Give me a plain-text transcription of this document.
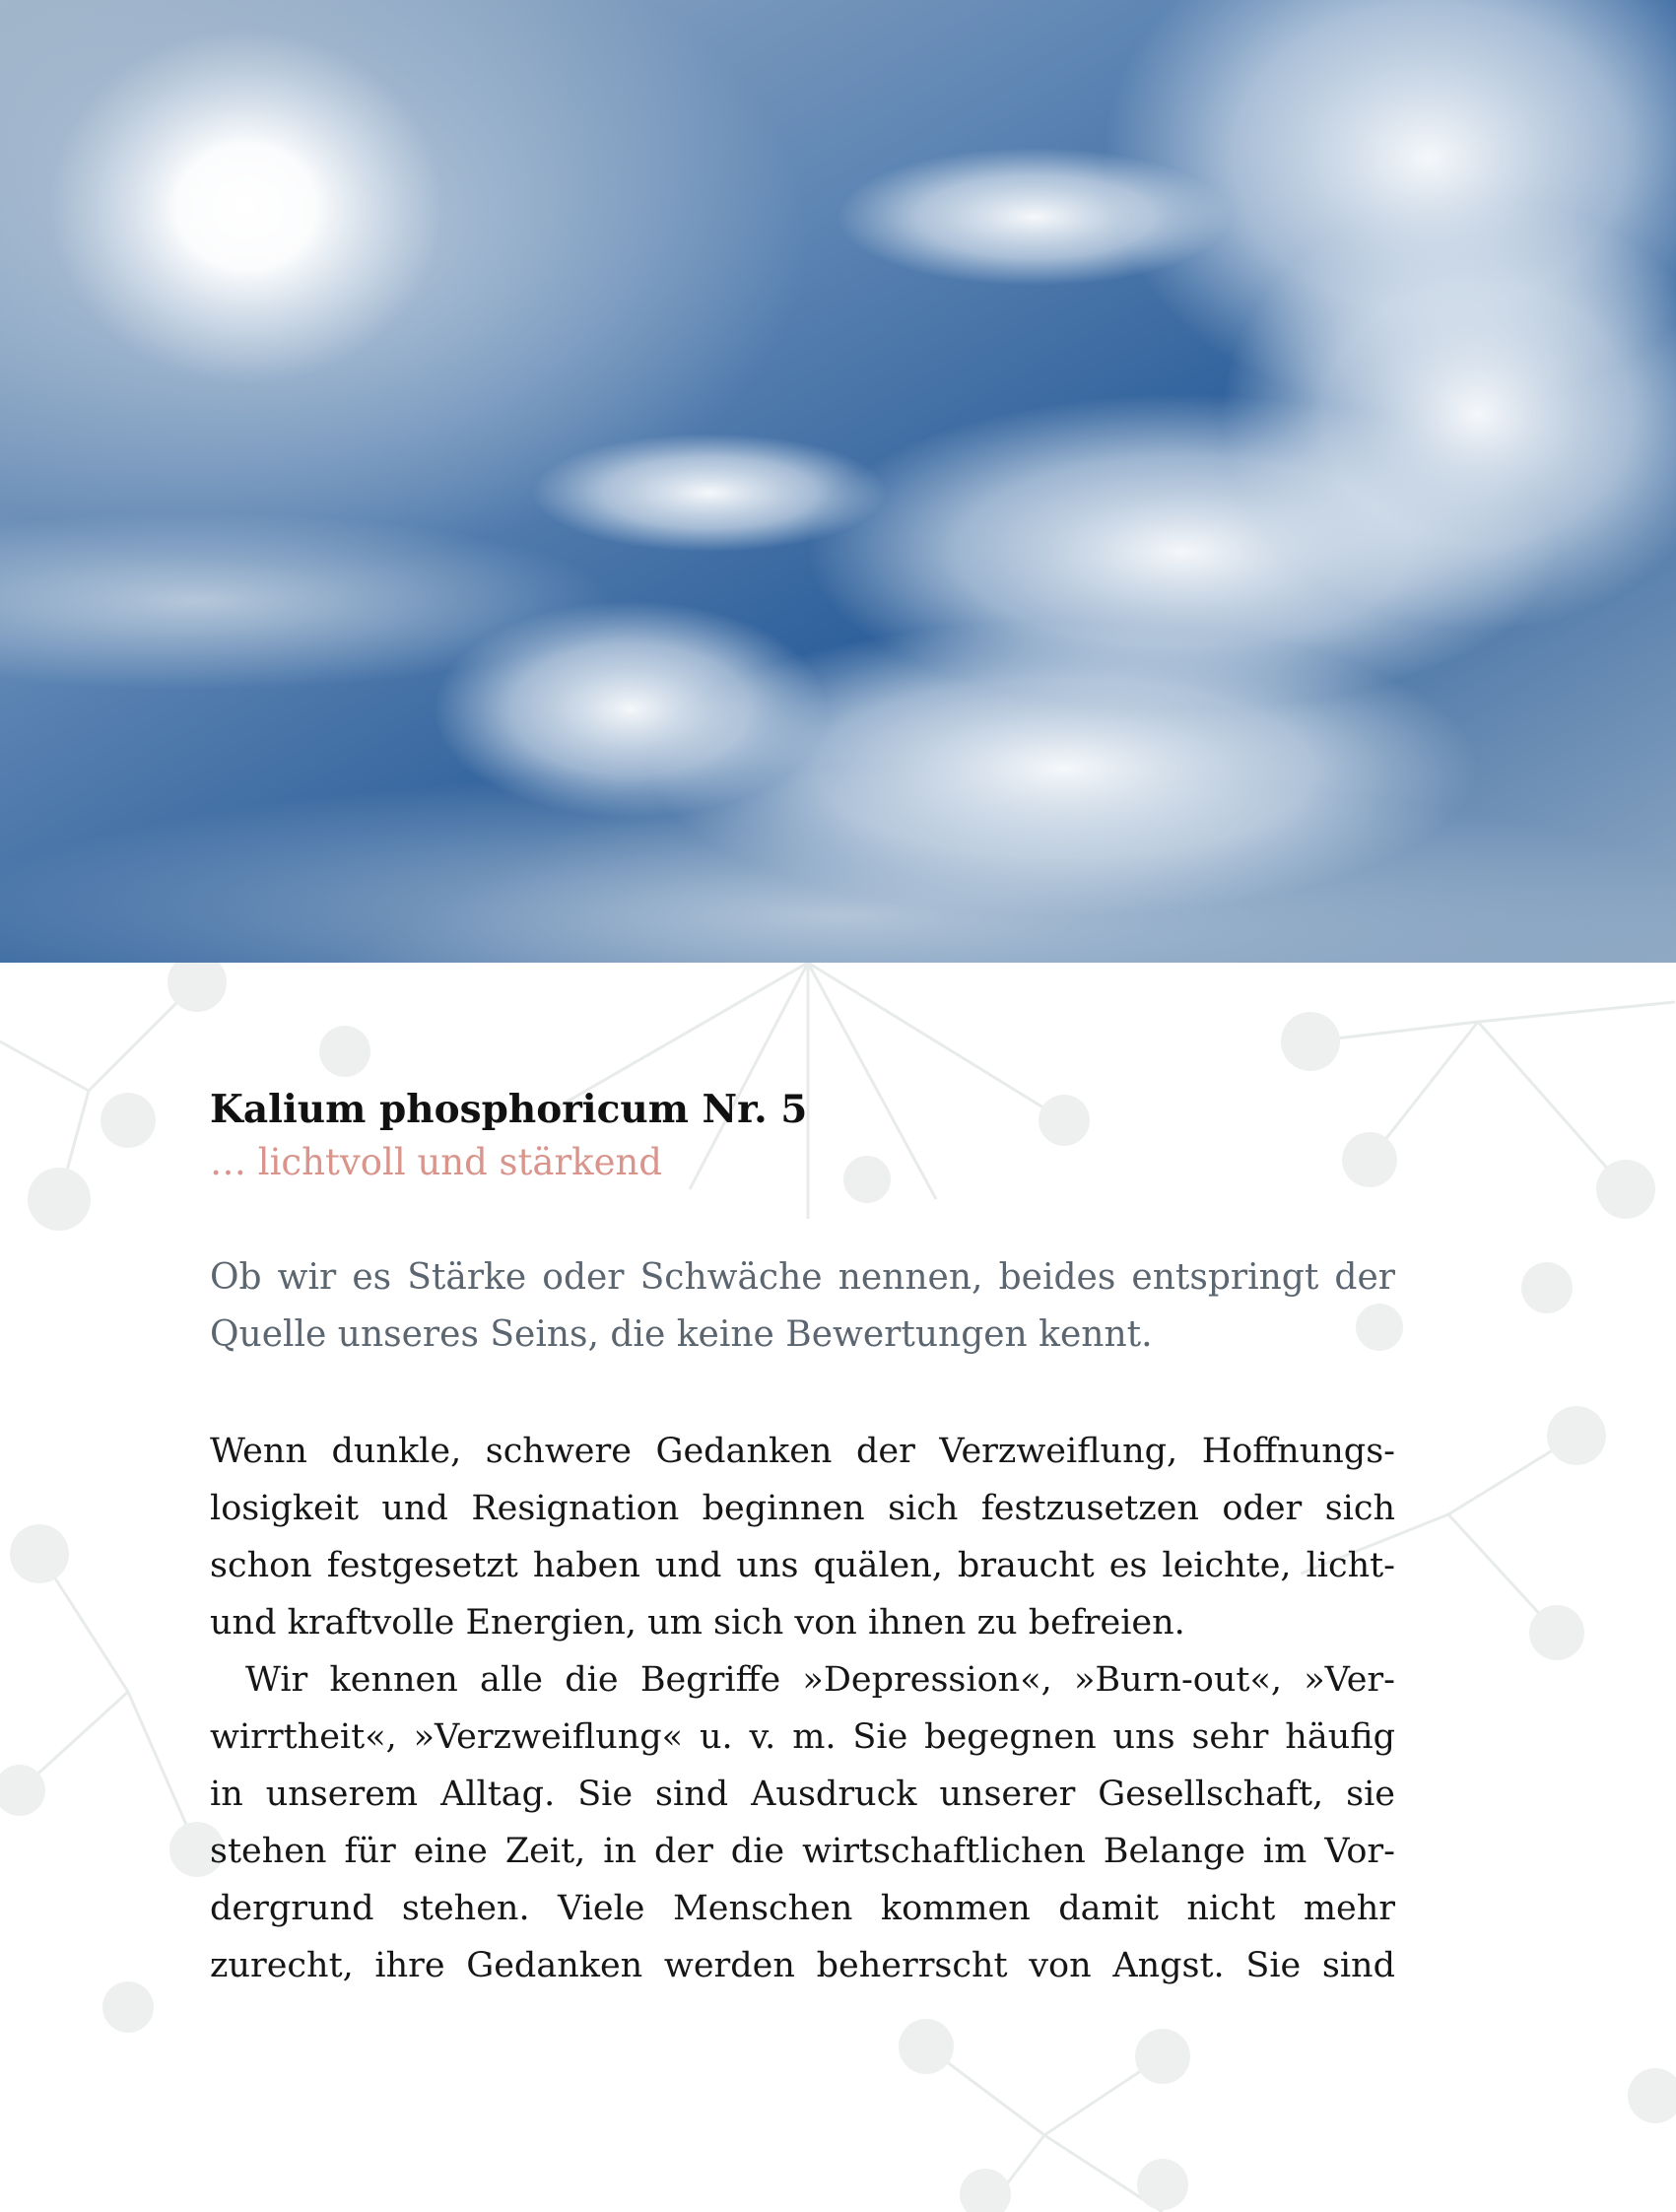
Kalium phosphoricum Nr. 5

… lichtvoll und stärkend

Ob wir es Stärke oder Schwäche nennen, beides entspringt der
Quelle unseres Seins, die keine Bewertungen kennt.
Wenn dunkle, schwere Gedanken der Verzweiflung, Hoffnungs-
losigkeit und Resignation beginnen sich festzusetzen oder sich
schon festgesetzt haben und uns quälen, braucht es leichte, licht-
und kraftvolle Energien, um sich von ihnen zu befreien.
Wir kennen alle die Begriffe »Depression«, »Burn-out«, »Ver-
wirrtheit«, »Verzweiflung« u. v. m. Sie begegnen uns sehr häufig
in unserem Alltag. Sie sind Ausdruck unserer Gesellschaft, sie
stehen für eine Zeit, in der die wirtschaftlichen Belange im Vor-
dergrund stehen. Viele Menschen kommen damit nicht mehr
zurecht, ihre Gedanken werden beherrscht von Angst. Sie sind
